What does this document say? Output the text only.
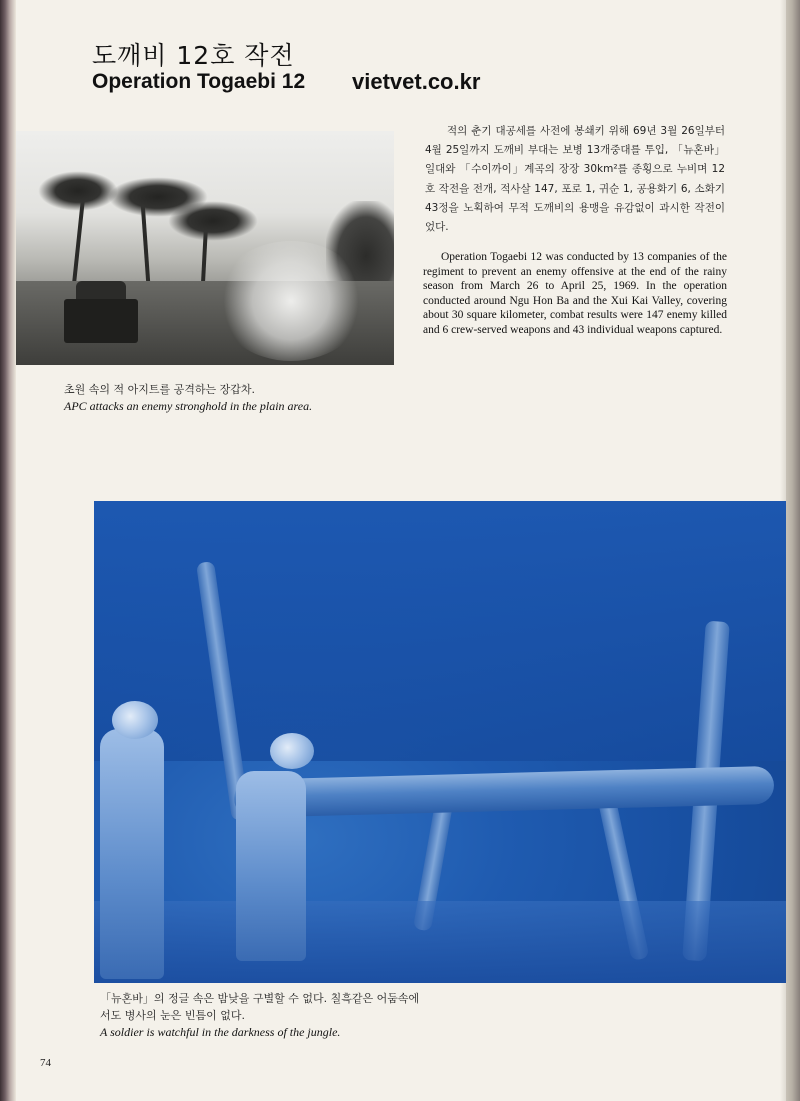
도깨비 12호 작전
Operation Togaebi 12 vietvet.co.kr
초원 속의 적 아지트를 공격하는 장갑차.
APC attacks an enemy stronghold in the plain area.

적의 춘기 대공세를 사전에 봉쇄키 위해 69년 3월 26일부터 4월 25일까지 도깨비 부대는 보병 13개중대를 투입, 「뉴혼바」일대와 「수이까이」계곡의 장장 30km²를 종횡으로 누비며 12호 작전을 전개, 적사살 147, 포로 1, 귀순 1, 공용화기 6, 소화기 43정을 노획하여 무적 도깨비의 용맹을 유감없이 과시한 작전이었다.

Operation Togaebi 12 was conducted by 13 companies of the regiment to prevent an enemy offensive at the end of the rainy season from March 26 to April 25, 1969. In the operation conducted around Ngu Hon Ba and the Xui Kai Valley, covering about 30 square kilometer, combat results were 147 enemy killed and 6 crew-served weapons and 43 individual weapons captured.

「뉴혼바」의 정글 속은 밤낮을 구별할 수 없다. 칠흑같은 어둠속에서도 병사의 눈은 빈틈이 없다.

A soldier is watchful in the darkness of the jungle.
74
